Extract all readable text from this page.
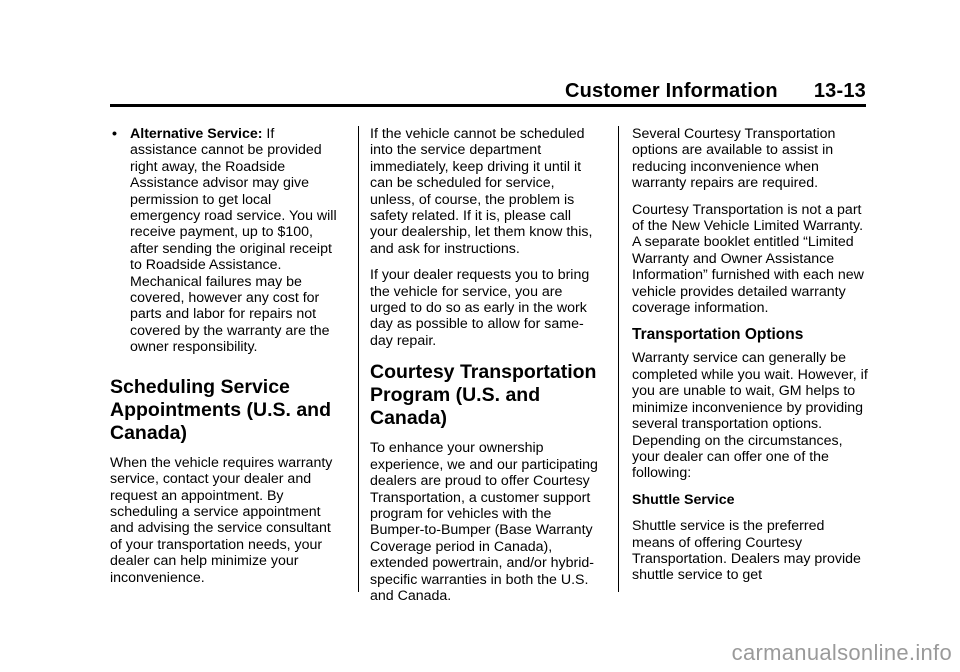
Customer Information 13-13

• Alternative Service: If assistance cannot be provided right away, the Roadside Assistance advisor may give permission to get local emergency road service. You will receive payment, up to $100, after sending the original receipt to Roadside Assistance. Mechanical failures may be covered, however any cost for parts and labor for repairs not covered by the warranty are the owner responsibility.

Scheduling Service Appointments (U.S. and Canada)

When the vehicle requires warranty service, contact your dealer and request an appointment. By scheduling a service appointment and advising the service consultant of your transportation needs, your dealer can help minimize your inconvenience.

If the vehicle cannot be scheduled into the service department immediately, keep driving it until it can be scheduled for service, unless, of course, the problem is safety related. If it is, please call your dealership, let them know this, and ask for instructions.

If your dealer requests you to bring the vehicle for service, you are urged to do so as early in the work day as possible to allow for same-day repair.

Courtesy Transportation Program (U.S. and Canada)

To enhance your ownership experience, we and our participating dealers are proud to offer Courtesy Transportation, a customer support program for vehicles with the Bumper-to-Bumper (Base Warranty Coverage period in Canada), extended powertrain, and/or hybrid-specific warranties in both the U.S. and Canada.

Several Courtesy Transportation options are available to assist in reducing inconvenience when warranty repairs are required.

Courtesy Transportation is not a part of the New Vehicle Limited Warranty. A separate booklet entitled “Limited Warranty and Owner Assistance Information” furnished with each new vehicle provides detailed warranty coverage information.

Transportation Options

Warranty service can generally be completed while you wait. However, if you are unable to wait, GM helps to minimize inconvenience by providing several transportation options. Depending on the circumstances, your dealer can offer one of the following:

Shuttle Service

Shuttle service is the preferred means of offering Courtesy Transportation. Dealers may provide shuttle service to get

carmanualsonline.info
